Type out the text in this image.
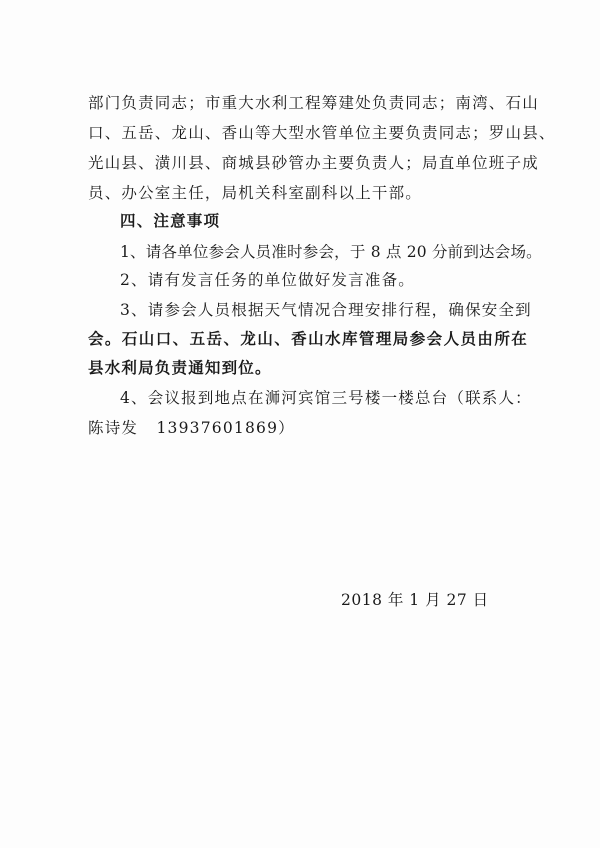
部门负责同志；市重大水利工程筹建处负责同志；南湾、石山
口、五岳、龙山、香山等大型水管单位主要负责同志；罗山县、
光山县、潢川县、商城县砂管办主要负责人；局直单位班子成
员、办公室主任，局机关科室副科以上干部。
四、注意事项
1、请各单位参会人员准时参会，于 8 点 20 分前到达会场。
2、请有发言任务的单位做好发言准备。
3、请参会人员根据天气情况合理安排行程，确保安全到
会。石山口、五岳、龙山、香山水库管理局参会人员由所在
县水利局负责通知到位。
4、会议报到地点在浉河宾馆三号楼一楼总台（联系人：
陈诗发   13937601869）
2018 年 1 月 27 日
